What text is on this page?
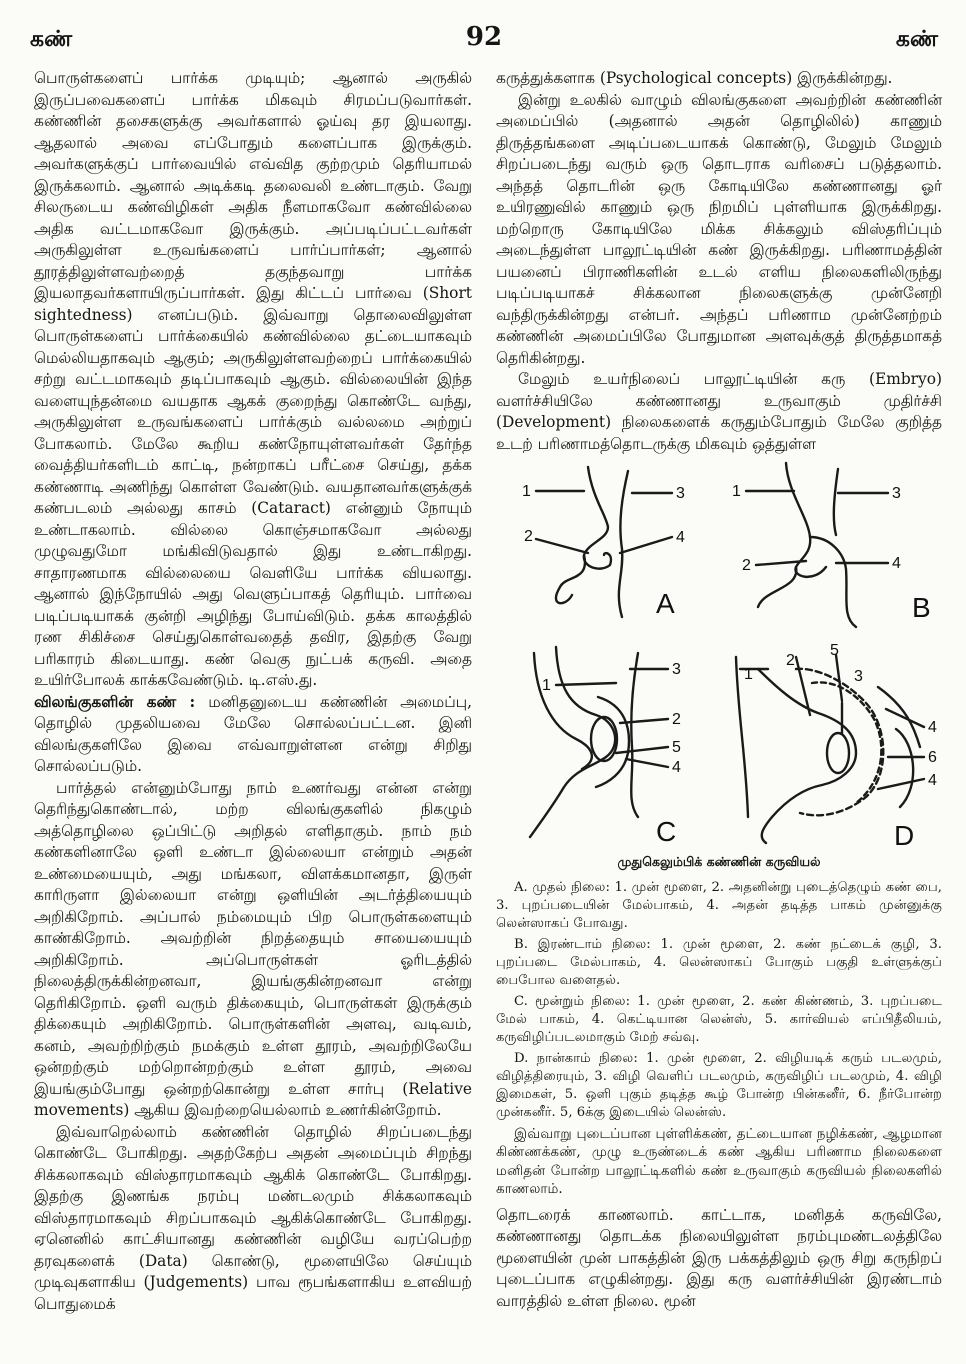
கண்	92	கண்

பொருள்களைப் பார்க்க முடியும்; ஆனால் அருகில் இருப்பவைகளைப் பார்க்க மிகவும் சிரமப்படுவார்கள். கண்ணின் தசைகளுக்கு அவர்களால் ஓய்வு தர இயலாது. ஆதலால் அவை எப்போதும் களைப்பாக இருக்கும். அவர்களுக்குப் பார்வையில் எவ்வித குற்றமும் தெரியாமல் இருக்கலாம். ஆனால் அடிக்கடி தலைவலி உண்டாகும். வேறு சிலருடைய கண்விழிகள் அதிக நீளமாகவோ கண்வில்லை அதிக வட்டமாகவோ இருக்கும். அப்படிப்பட்டவர்கள் அருகிலுள்ள உருவங்களைப் பார்ப்பார்கள்; ஆனால் தூரத்திலுள்ளவற்றைத் தகுந்தவாறு பார்க்க இயலாதவர்களாயிருப்பார்கள். இது கிட்டப் பார்வை (Short sightedness) எனப்படும். இவ்வாறு தொலைவிலுள்ள பொருள்களைப் பார்க்கையில் கண்வில்லை தட்டையாகவும் மெல்லியதாகவும் ஆகும்; அருகிலுள்ளவற்றைப் பார்க்கையில் சற்று வட்டமாகவும் தடிப்பாகவும் ஆகும். வில்லையின் இந்த வளையுந்தன்மை வயதாக ஆகக் குறைந்து கொண்டே வந்து, அருகிலுள்ள உருவங்களைப் பார்க்கும் வல்லமை அற்றுப் போகலாம். மேலே கூறிய கண்நோயுள்ளவர்கள் தேர்ந்த வைத்தியர்களிடம் காட்டி, நன்றாகப் பரீட்சை செய்து, தக்க கண்ணாடி அணிந்து கொள்ள வேண்டும். வயதானவர்களுக்குக் கண்படலம் அல்லது காசம் (Cataract) என்னும் நோயும் உண்டாகலாம். வில்லை கொஞ்சமாகவோ அல்லது முழுவதுமோ மங்கிவிடுவதால் இது உண்டாகிறது. சாதாரணமாக வில்லையை வெளியே பார்க்க வியலாது. ஆனால் இந்நோயில் அது வெளுப்பாகத் தெரியும். பார்வை படிப்படியாகக் குன்றி அழிந்து போய்விடும். தக்க காலத்தில் ரண சிகிச்சை செய்துகொள்வதைத் தவிர, இதற்கு வேறு பரிகாரம் கிடையாது. கண் வெகு நுட்பக் கருவி. அதை உயிர்போலக் காக்கவேண்டும். டி.எஸ்.து.

விலங்குகளின் கண் : மனிதனுடைய கண்ணின் அமைப்பு, தொழில் முதலியவை மேலே சொல்லப்பட்டன. இனி விலங்குகளிலே இவை எவ்வாறுள்ளன என்று சிறிது சொல்லப்படும்.

பார்த்தல் என்னும்போது நாம் உணர்வது என்ன என்று தெரிந்துகொண்டால், மற்ற விலங்குகளில் நிகழும் அத்தொழிலை ஒப்பிட்டு அறிதல் எளிதாகும். நாம் நம் கண்களினாலே ஒளி உண்டா இல்லையா என்றும் அதன் உண்மையையும், அது மங்கலா, விளக்கமானதா, இருள் காரிருளா இல்லையா என்று ஒளியின் அடர்த்தியையும் அறிகிறோம். அப்பால் நம்மையும் பிற பொருள்களையும் காண்கிறோம். அவற்றின் நிறத்தையும் சாயையையும் அறிகிறோம். அப்பொருள்கள் ஓரிடத்தில் நிலைத்திருக்கின்றனவா, இயங்குகின்றனவா என்று தெரிகிறோம். ஒளி வரும் திக்கையும், பொருள்கள் இருக்கும் திக்கையும் அறிகிறோம். பொருள்களின் அளவு, வடிவம், கனம், அவற்றிற்கும் நமக்கும் உள்ள தூரம், அவற்றிலேயே ஒன்றற்கும் மற்றொன்றற்கும் உள்ள தூரம், அவை இயங்கும்போது ஒன்றற்கொன்று உள்ள சார்பு (Relative movements) ஆகிய இவற்றையெல்லாம் உணர்கின்றோம்.

இவ்வாறெல்லாம் கண்ணின் தொழில் சிறப்படைந்து கொண்டே போகிறது. அதற்கேற்ப அதன் அமைப்பும் சிறந்து சிக்கலாகவும் விஸ்தாரமாகவும் ஆகிக் கொண்டே போகிறது. இதற்கு இணங்க நரம்பு மண்டலமும் சிக்கலாகவும் விஸ்தாரமாகவும் சிறப்பாகவும் ஆகிக்கொண்டே போகிறது. ஏனெனில் காட்சியானது கண்ணின் வழியே வரப்பெற்ற தரவுகளைக் (Data) கொண்டு, மூளையிலே செய்யும் முடிவுகளாகிய (Judgements) பாவ ரூபங்களாகிய உளவியற் பொதுமைக்

கருத்துக்களாக (Psychological concepts) இருக்கின்றது.

இன்று உலகில் வாழும் விலங்குகளை அவற்றின் கண்ணின் அமைப்பில் (அதனால் அதன் தொழிலில்) காணும் திருத்தங்களை அடிப்படையாகக் கொண்டு, மேலும் மேலும் சிறப்படைந்து வரும் ஒரு தொடராக வரிசைப் படுத்தலாம். அந்தத் தொடரின் ஒரு கோடியிலே கண்ணானது ஓர் உயிரணுவில் காணும் ஒரு நிறமிப் புள்ளியாக இருக்கிறது. மற்றொரு கோடியிலே மிக்க சிக்கலும் விஸ்தரிப்பும் அடைந்துள்ள பாலூட்டியின் கண் இருக்கிறது. பரிணாமத்தின் பயனைப் பிராணிகளின் உடல் எளிய நிலைகளிலிருந்து படிப்படியாகச் சிக்கலான நிலைகளுக்கு முன்னேறி வந்திருக்கின்றது என்பர். அந்தப் பரிணாம முன்னேற்றம் கண்ணின் அமைப்பிலே போதுமான அளவுக்குத் திருத்தமாகத் தெரிகின்றது.

மேலும் உயர்நிலைப் பாலூட்டியின் கரு (Embryo) வளர்ச்சியிலே கண்ணானது உருவாகும் முதிர்ச்சி (Development) நிலைகளைக் கருதும்போதும் மேலே குறித்த உடற் பரிணாமத்தொடருக்கு மிகவும் ஒத்துள்ள

1
2
3
4
1
2
3
4
3
2
5
4
1
1
2
5
3
4
6
4
A	B
C	D
முதுகெலும்பிக் கண்ணின் கருவியல்

A. முதல் நிலை: 1. முன் மூளை, 2. அதனின்று புடைத்தெழும் கண் பை, 3. புறப்படையின் மேல்பாகம், 4. அதன் தடித்த பாகம் முன்னுக்கு லென்ஸாகப் போவது.

B. இரண்டாம் நிலை: 1. முன் மூளை, 2. கண் நட்டைக் குழி, 3. புறப்படை மேல்பாகம், 4. லென்ஸாகப் போகும் பகுதி உள்ளுக்குப் பைபோல வளைதல்.

C. மூன்றும் நிலை: 1. முன் மூளை, 2. கண் கிண்ணம், 3. புறப்படை மேல் பாகம், 4. கெட்டியான லென்ஸ், 5. கார்வியல் எப்பிதீலியம், கருவிழிப்படலமாகும் மேற் சவ்வு.

D. நான்காம் நிலை: 1. முன் மூளை, 2. விழியடிக் கரும் படலமும், விழித்திரையும், 3. விழி வெளிப் படலமும், கருவிழிப் படலமும், 4. விழி இமைகள், 5. ஒளி புகும் தடித்த கூழ் போன்ற பின்கனீர், 6. நீர்போன்ற முன்கனீர். 5, 6க்கு இடையில் லென்ஸ்.

இவ்வாறு புடைப்பான புள்ளிக்கண், தட்டையான நழிக்கண், ஆழமான கிண்ணக்கண், முழு உருண்டைக் கண் ஆகிய பரிணாம நிலைகளை மனிதன் போன்ற பாலூட்டிகளில் கண் உருவாகும் கருவியல் நிலைகளில் காணலாம்.

தொடரைக் காணலாம். காட்டாக, மனிதக் கருவிலே, கண்ணானது தொடக்க நிலையிலுள்ள நரம்புமண்டலத்திலே மூளையின் முன் பாகத்தின் இரு பக்கத்திலும் ஒரு சிறு கருநிறப் புடைப்பாக எழுகின்றது. இது கரு வளர்ச்சியின் இரண்டாம் வாரத்தில் உள்ள நிலை. மூன்
